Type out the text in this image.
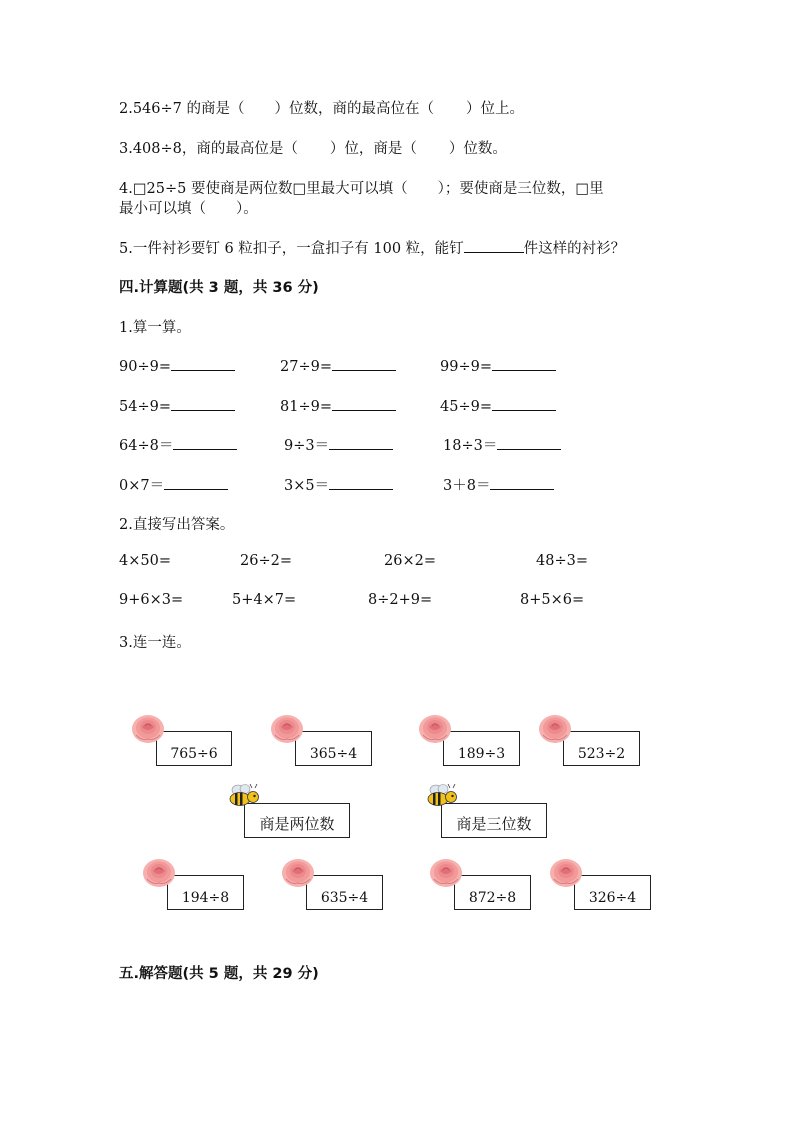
2.546÷7 的商是（ ）位数，商的最高位在（ ）位上。
3.408÷8，商的最高位是（ ）位，商是（ ）位数。
4.□25÷5 要使商是两位数□里最大可以填（ ）；要使商是三位数，□里
最小可以填（ ）。
5.一件衬衫要钉 6 粒扣子，一盒扣子有 100 粒，能钉	件这样的衬衫？
四.计算题(共 3 题，共 36 分)
1.算一算。
90÷9=	27÷9=	99÷9=
54÷9=	81÷9=	45÷9=
64÷8＝	9÷3＝	18÷3＝
0×7＝	3×5＝	3＋8＝
2.直接写出答案。
4×50=	26÷2=	26×2=	48÷3=
9+6×3=	5+4×7=	8÷2+9=	8+5×6=
3.连一连。
765÷6	365÷4	189÷3	523÷2
商是两位数	商是三位数
194÷8	635÷4	872÷8	326÷4
五.解答题(共 5 题，共 29 分)
